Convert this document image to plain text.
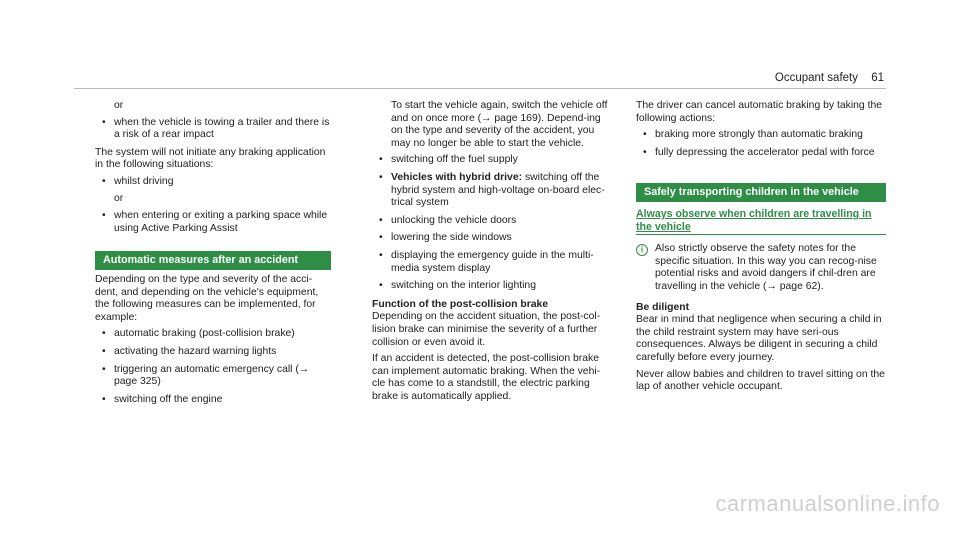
Occupant safety 61

or

• when the vehicle is towing a trailer and there is a risk of a rear impact

The system will not initiate any braking application in the following situations:

• whilst driving
or
• when entering or exiting a parking space while using Active Parking Assist
Automatic measures after an accident

Depending on the type and severity of the acci-dent, and depending on the vehicle's equipment, the following measures can be implemented, for example:

• automatic braking (post-collision brake)
• activating the hazard warning lights
• triggering an automatic emergency call (→ page 325)
• switching off the engine

To start the vehicle again, switch the vehicle off and on once more (→ page 169). Depend-ing on the type and severity of the accident, you may no longer be able to start the vehicle.

• switching off the fuel supply
• Vehicles with hybrid drive: switching off the hybrid system and high-voltage on-board elec-trical system
• unlocking the vehicle doors
• lowering the side windows
• displaying the emergency guide in the multi-media system display
• switching on the interior lighting

Function of the post-collision brake

Depending on the accident situation, the post-col-lision brake can minimise the severity of a further collision or even avoid it.

If an accident is detected, the post-collision brake can implement automatic braking. When the vehi-cle has come to a standstill, the electric parking brake is automatically applied.

The driver can cancel automatic braking by taking the following actions:

• braking more strongly than automatic braking
• fully depressing the accelerator pedal with force
Safely transporting children in the vehicle
Always observe when children are travelling in the vehicle
i	Also strictly observe the safety notes for the specific situation. In this way you can recog-nise potential risks and avoid dangers if chil-dren are travelling in the vehicle (→ page 62).

Be diligent

Bear in mind that negligence when securing a child in the child restraint system may have seri-ous consequences. Always be diligent in securing a child carefully before every journey.

Never allow babies and children to travel sitting on the lap of another vehicle occupant.

carmanualsonline.info
